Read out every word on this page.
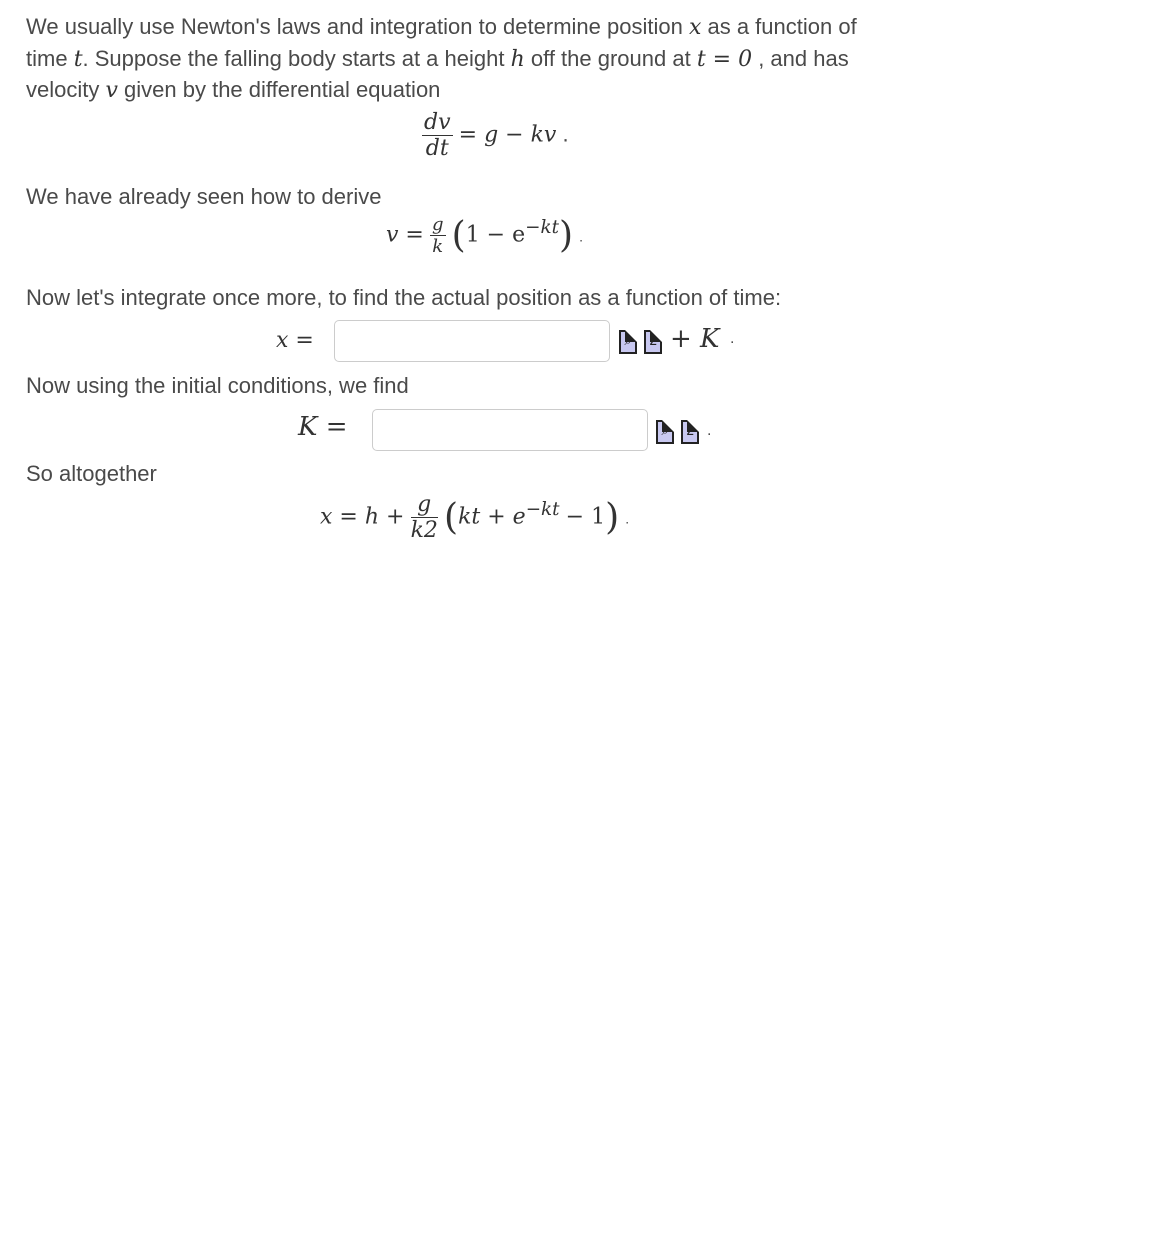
We usually use Newton's laws and integration to determine position x as a function of
time t. Suppose the falling body starts at a height h off the ground at t = 0 , and has
velocity v given by the differential equation
$\frac{dv}{dt} = g$ − kv .
We have already seen how to derive
$v = \frac{g}{k} (1 - e^{-kt})$ .
Now let's integrate once more, to find the actual position as a function of time:
x =	⌕	Σ + K .
Now using the initial conditions, we find
K =	⌕	Σ .
So altogether
$x = h + \frac{g}{k2} (kt + e^{-kt} - 1)$ .
